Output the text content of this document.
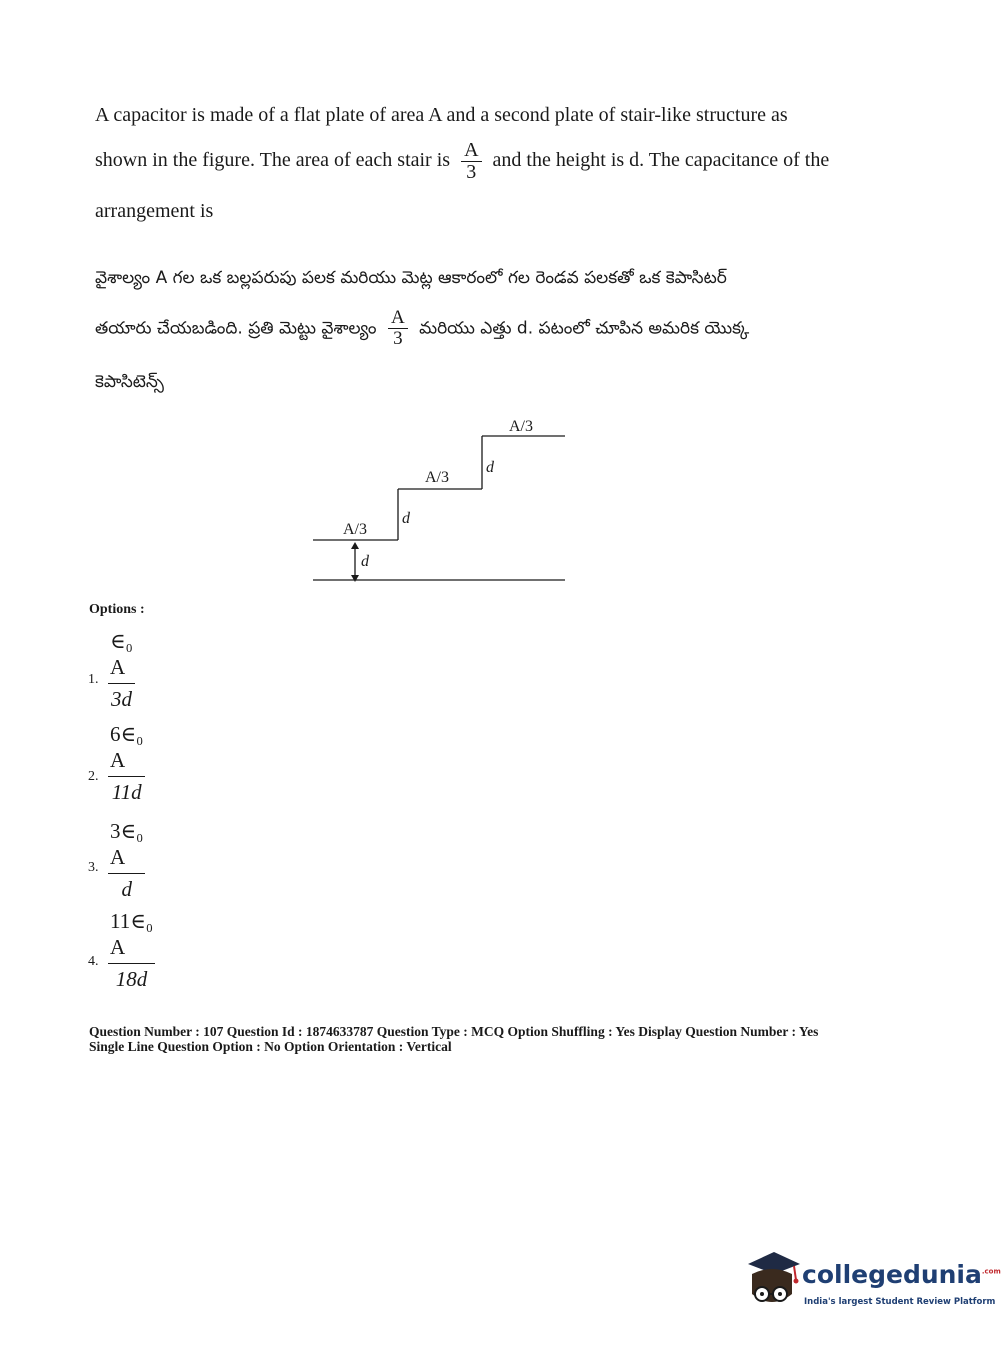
A capacitor is made of a flat plate of area A and a second plate of stair-like structure as
shown in the figure. The area of each stair is $\frac{A}{3}$ and the height is d. The capacitance of the
arrangement is
వైశాల్యం A గల ఒక బల్లపరుపు పలక మరియు మెట్ల ఆకారంలో గల రెండవ పలకతో ఒక కెపాసిటర్
తయారు చేయబడింది. ప్రతి మెట్టు వైశాల్యం $\frac{A}{3}$ మరియు ఎత్తు d. పటంలో చూపిన అమరిక యొక్క
కెపాసిటెన్స్
A/3
A/3
A/3
d
d
d
Options :
1. $\frac{\text{∈₀ A}}{3d}$
2. $\frac{\text{6∈₀ A}}{11d}$
3. $\frac{\text{3∈₀ A}}{d}$
4. $\frac{\text{11∈₀ A}}{18d}$
Question Number : 107 Question Id : 1874633787 Question Type : MCQ Option Shuffling : Yes Display Question Number : Yes
Single Line Question Option : No Option Orientation : Vertical
collegedunia$^{.com}$
India's largest Student Review Platform
